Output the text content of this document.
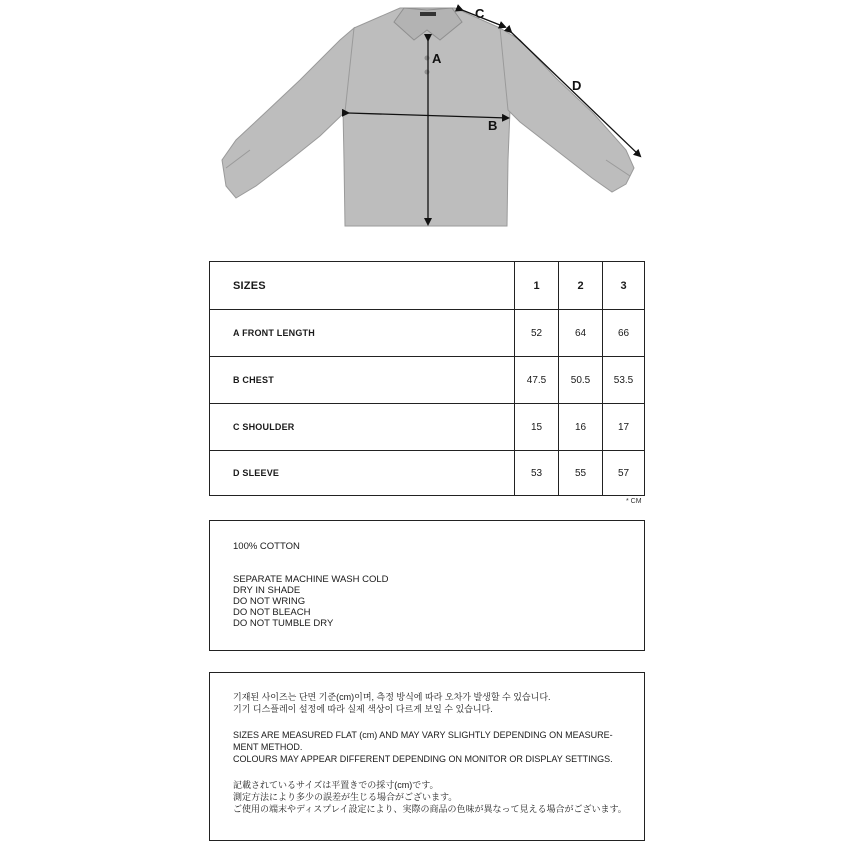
A
B
C
D
SIZES	1	2	3
A FRONT LENGTH	52	64	66
B CHEST	47.5	50.5	53.5
C SHOULDER	15	16	17
D SLEEVE	53	55	57
* CM
100% COTTON
SEPARATE MACHINE WASH COLD
DRY IN SHADE
DO NOT WRING
DO NOT BLEACH
DO NOT TUMBLE DRY
기재된 사이즈는 단면 기준(cm)이며, 측정 방식에 따라 오차가 발생할 수 있습니다.
기기 디스플레이 설정에 따라 실제 색상이 다르게 보일 수 있습니다.
SIZES ARE MEASURED FLAT (cm) AND MAY VARY SLIGHTLY DEPENDING ON MEASURE-
MENT METHOD.
COLOURS MAY APPEAR DIFFERENT DEPENDING ON MONITOR OR DISPLAY SETTINGS.
記載されているサイズは平置きでの採寸(cm)です。
測定方法により多少の誤差が生じる場合がございます。
ご使用の端末やディスプレイ設定により、実際の商品の色味が異なって見える場合がございます。
